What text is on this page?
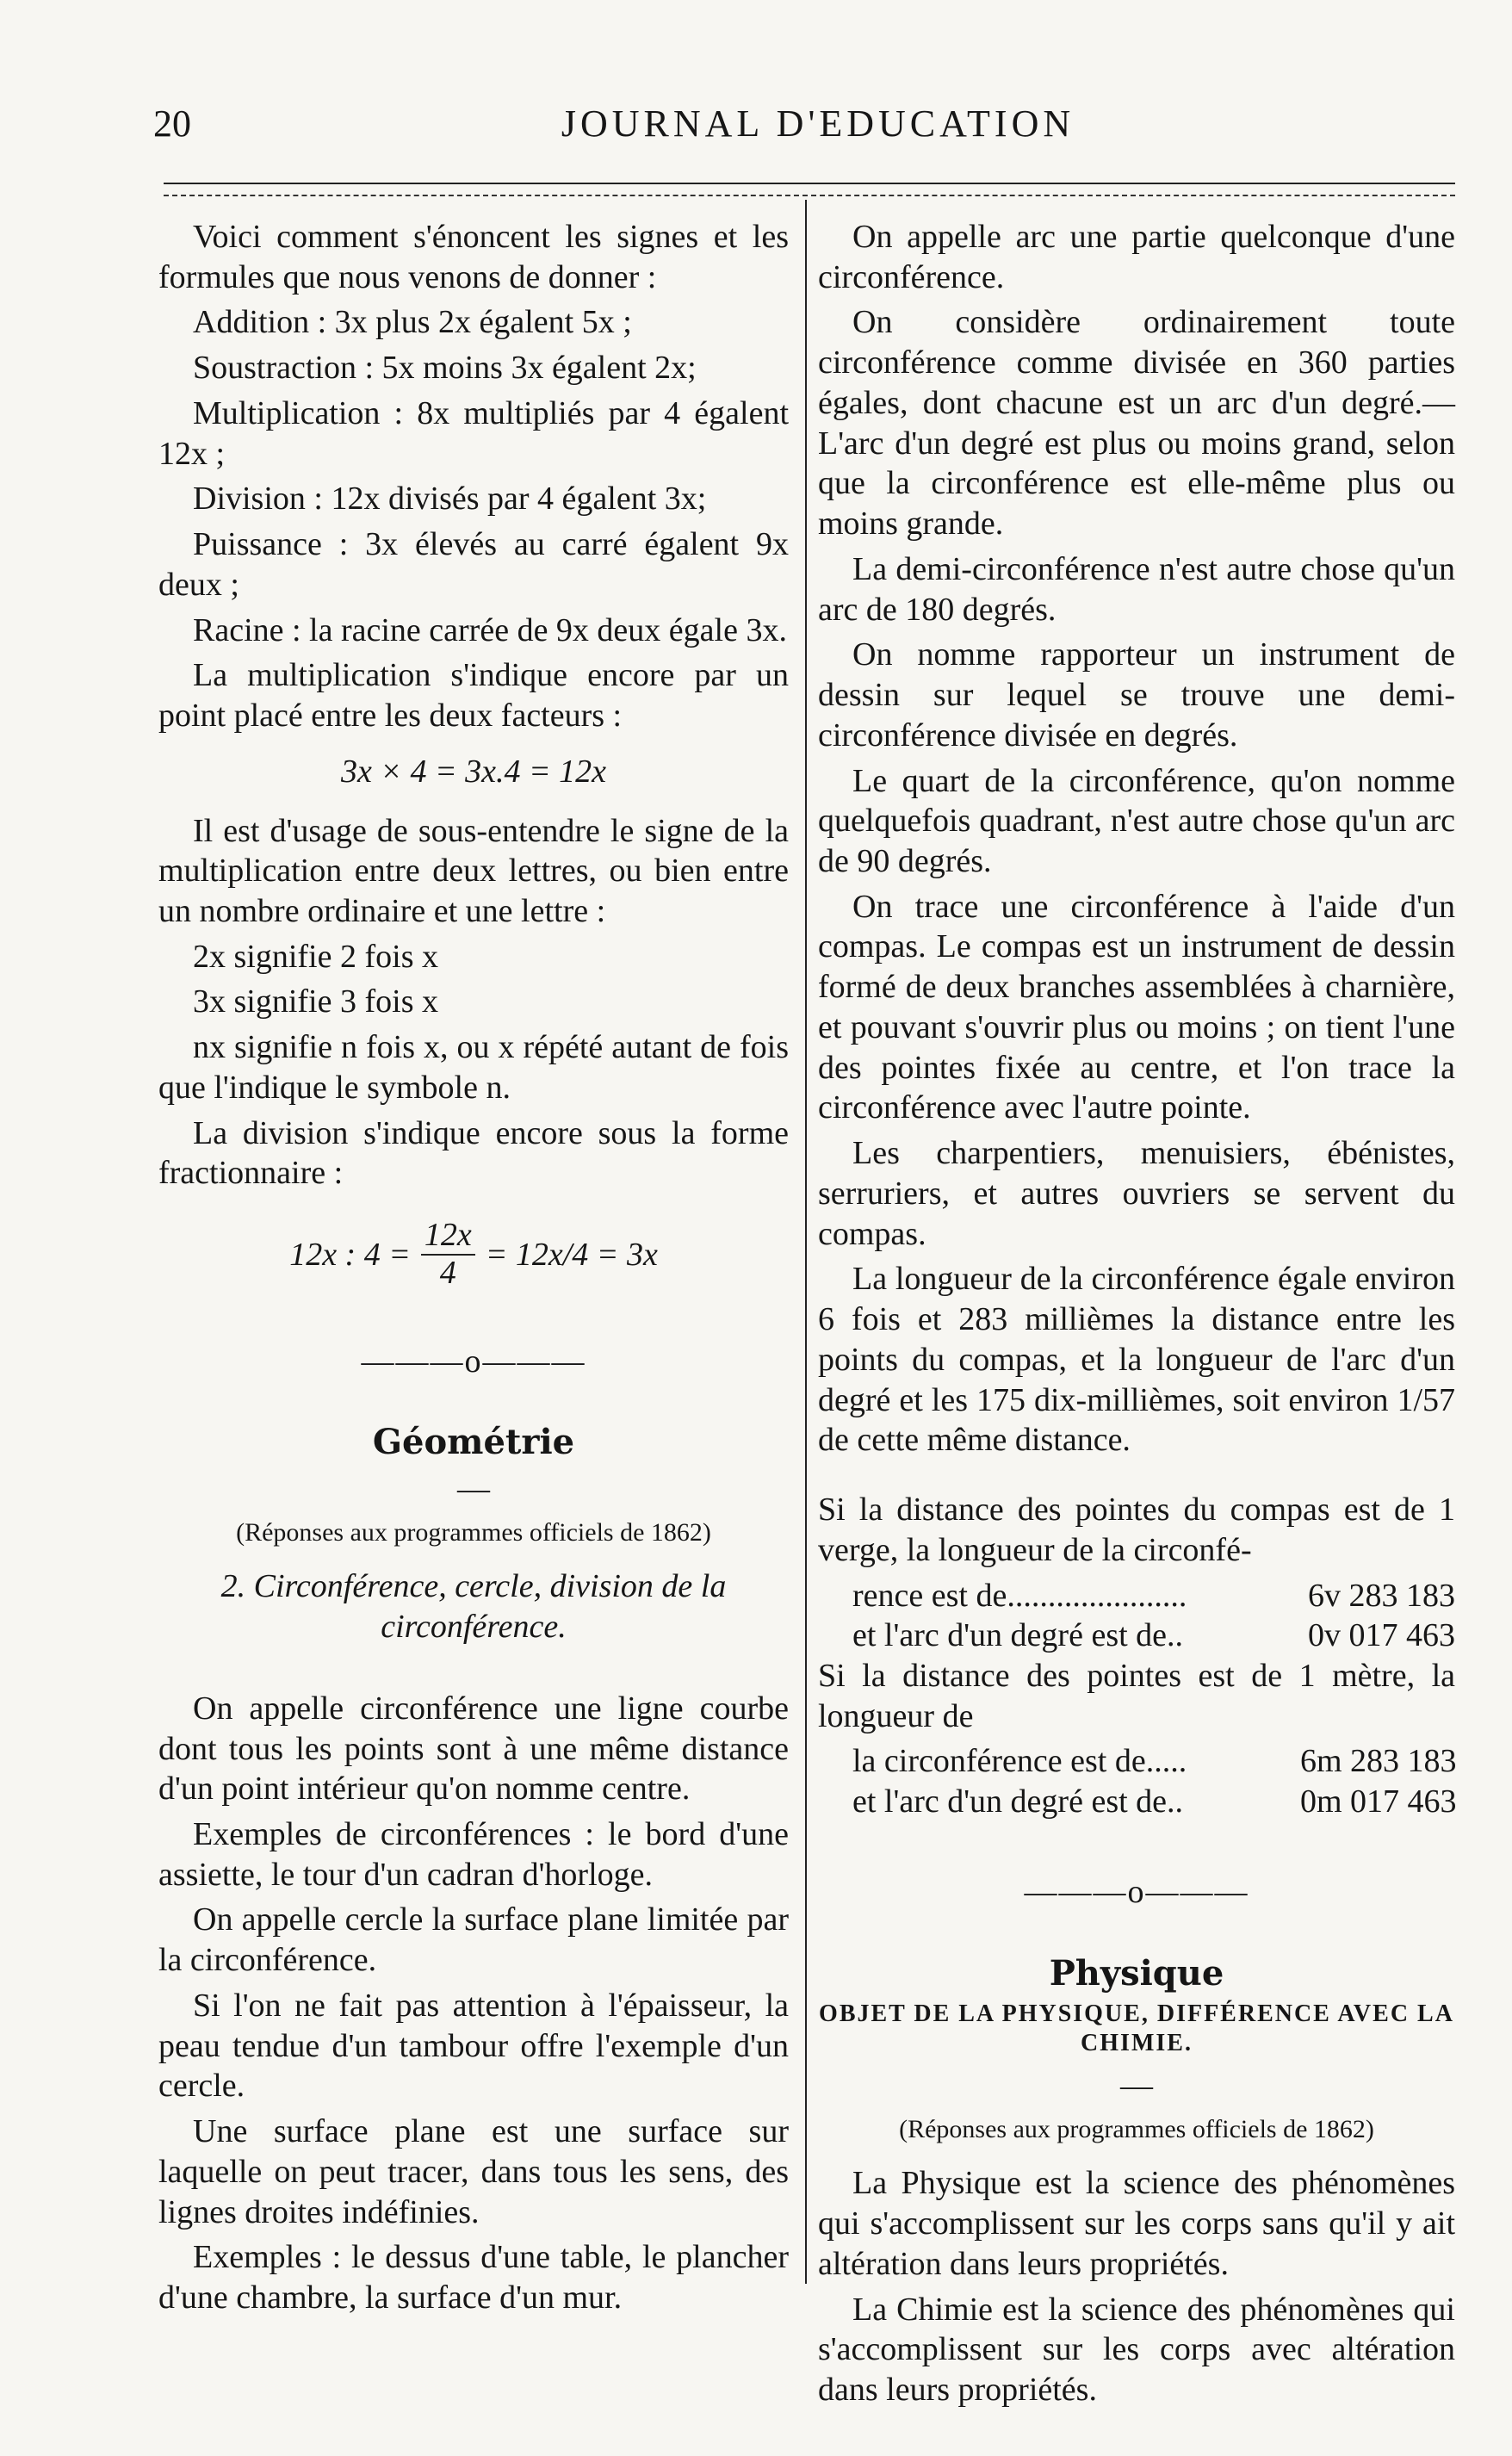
20	JOURNAL D'EDUCATION

Voici comment s'énoncent les signes et les formules que nous venons de donner :

Addition : 3x plus 2x égalent 5x ;

Soustraction : 5x moins 3x égalent 2x;

Multiplication : 8x multipliés par 4 égalent 12x ;

Division : 12x divisés par 4 égalent 3x;

Puissance : 3x élevés au carré égalent 9x deux ;

Racine : la racine carrée de 9x deux égale 3x.

La multiplication s'indique encore par un point placé entre les deux facteurs :

3x × 4 = 3x.4 = 12x

Il est d'usage de sous-entendre le signe de la multiplication entre deux lettres, ou bien entre un nombre ordinaire et une lettre :

2x signifie 2 fois x

3x signifie 3 fois x

nx signifie n fois x, ou x répété autant de fois que l'indique le symbole n.

La division s'indique encore sous la forme fractionnaire :

12x : $4 = \frac{12x}{4} = 12x/4 = 3x$
———o———
Géométrie
—
(Réponses aux programmes officiels de 1862)
2. Circonférence, cercle, division de la circonférence.

On appelle circonférence une ligne courbe dont tous les points sont à une même distance d'un point intérieur qu'on nomme centre.

Exemples de circonférences : le bord d'une assiette, le tour d'un cadran d'horloge.

On appelle cercle la surface plane limitée par la circonférence.

Si l'on ne fait pas attention à l'épaisseur, la peau tendue d'un tambour offre l'exemple d'un cercle.

Une surface plane est une surface sur laquelle on peut tracer, dans tous les sens, des lignes droites indéfinies.

Exemples : le dessus d'une table, le plancher d'une chambre, la surface d'un mur.

On appelle arc une partie quelconque d'une circonférence.

On considère ordinairement toute circonférence comme divisée en 360 parties égales, dont chacune est un arc d'un degré.—L'arc d'un degré est plus ou moins grand, selon que la circonférence est elle-même plus ou moins grande.

La demi-circonférence n'est autre chose qu'un arc de 180 degrés.

On nomme rapporteur un instrument de dessin sur lequel se trouve une demi-circonférence divisée en degrés.

Le quart de la circonférence, qu'on nomme quelquefois quadrant, n'est autre chose qu'un arc de 90 degrés.

On trace une circonférence à l'aide d'un compas. Le compas est un instrument de dessin formé de deux branches assemblées à charnière, et pouvant s'ouvrir plus ou moins ; on tient l'une des pointes fixée au centre, et l'on trace la circonférence avec l'autre pointe.

Les charpentiers, menuisiers, ébénistes, serruriers, et autres ouvriers se servent du compas.

La longueur de la circonférence égale environ 6 fois et 283 millièmes la distance entre les points du compas, et la longueur de l'arc d'un degré et les 175 dix-millièmes, soit environ 1/57 de cette même distance.

Si la distance des pointes du compas est de 1 verge, la longueur de la circonfé-

rence est de......................	6v 283 183
et l'arc d'un degré est de..	0v 017 463

Si la distance des pointes est de 1 mètre, la longueur de

la circonférence est de.....	6m 283 183
et l'arc d'un degré est de..	0m 017 463
———o———
Physique
OBJET DE LA PHYSIQUE, DIFFÉRENCE AVEC LA CHIMIE.
—
(Réponses aux programmes officiels de 1862)

La Physique est la science des phénomènes qui s'accomplissent sur les corps sans qu'il y ait altération dans leurs propriétés.

La Chimie est la science des phénomènes qui s'accomplissent sur les corps avec altération dans leurs propriétés.
